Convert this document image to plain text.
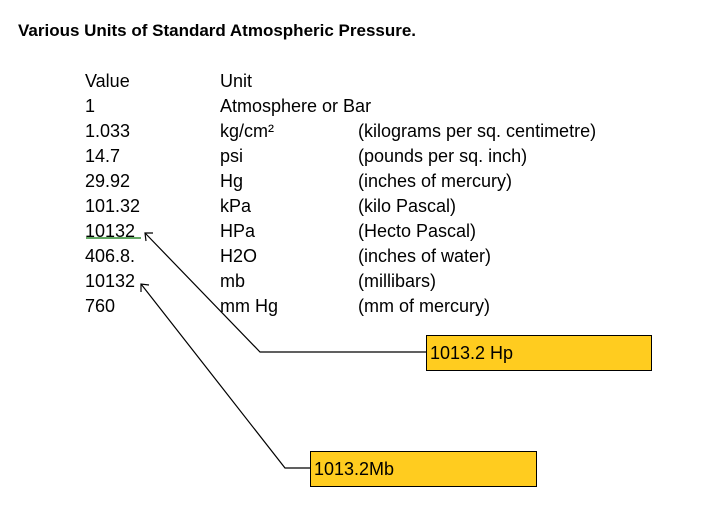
Various Units of Standard Atmospheric Pressure.
Value	Unit
1	Atmosphere or Bar
1.033	kg/cm²	(kilograms per sq. centimetre)
14.7	psi	(pounds per sq. inch)
29.92	Hg	(inches of mercury)
101.32	kPa	(kilo Pascal)
10132	HPa	(Hecto Pascal)
406.8.	H2O	(inches of water)
10132	mb	(millibars)
760	mm Hg	(mm of mercury)
1013.2 Hp
1013.2Mb
